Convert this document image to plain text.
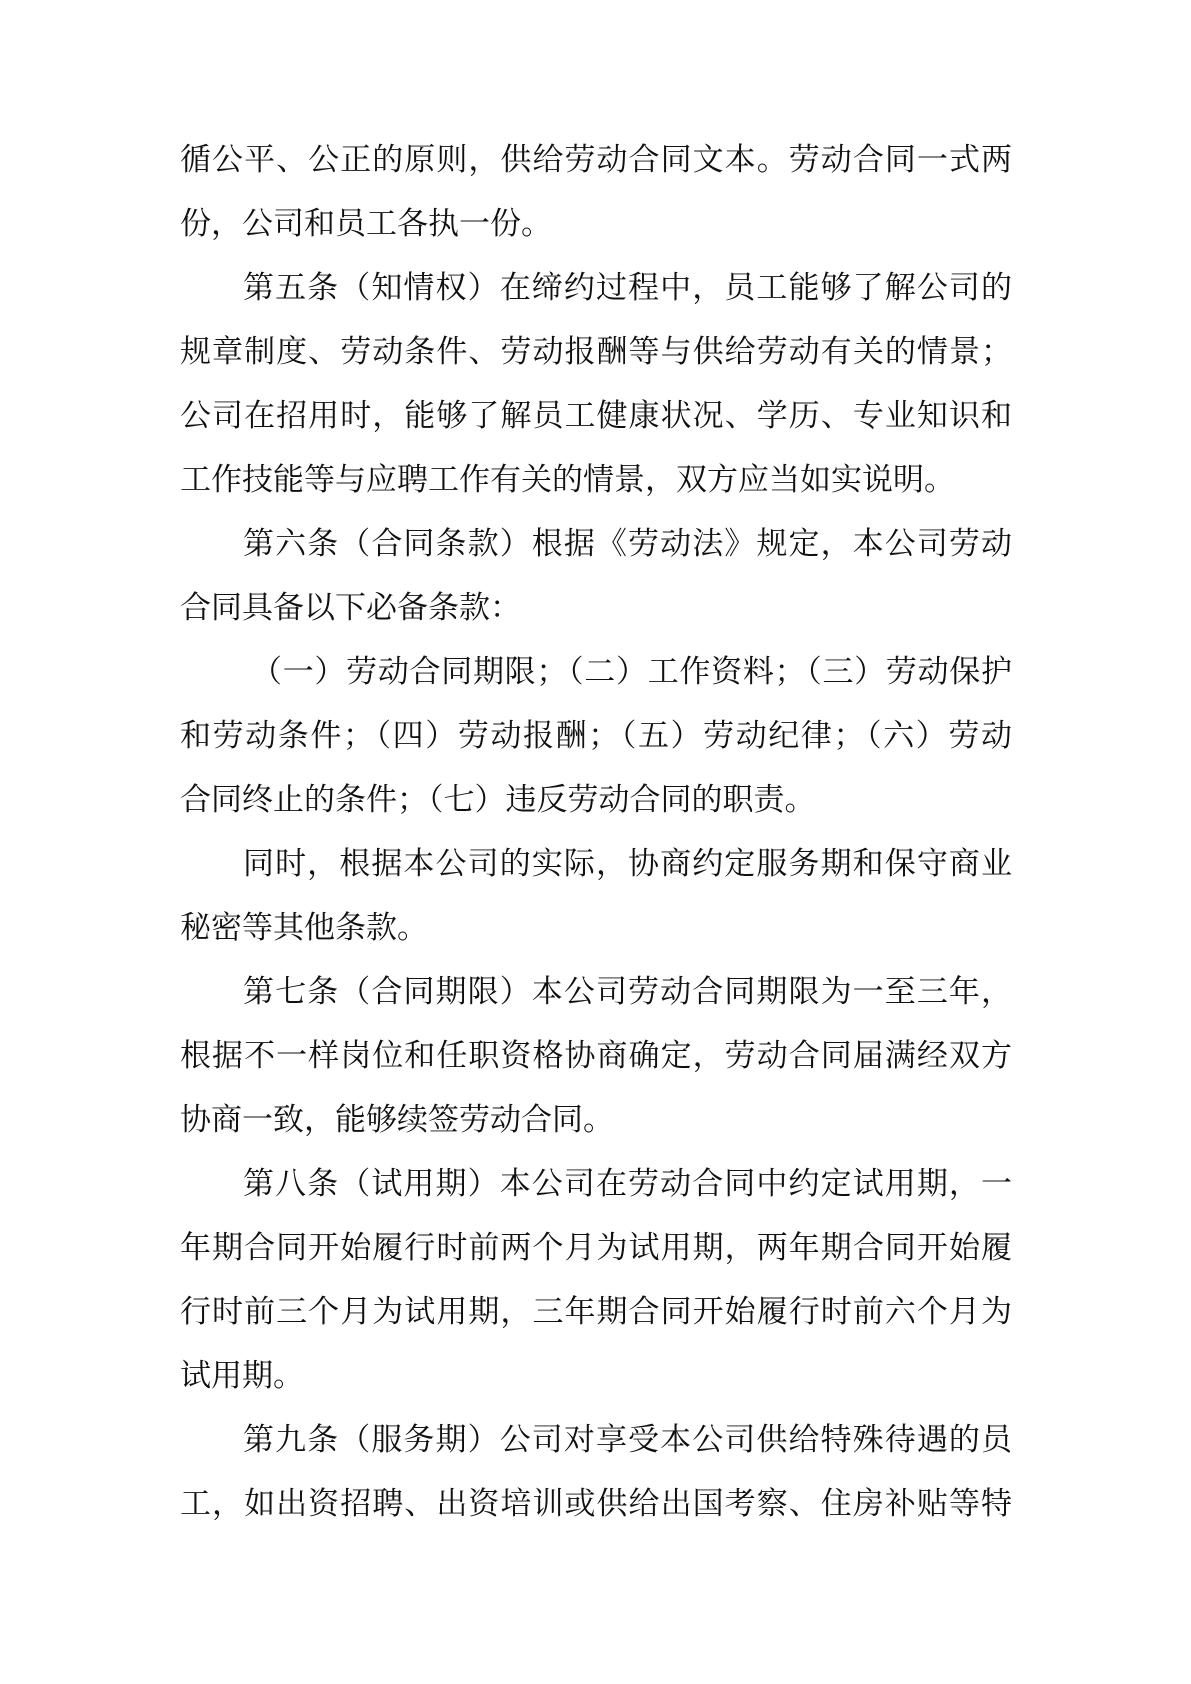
循公平、公正的原则，供给劳动合同文本。劳动合同一式两
份，公司和员工各执一份。
第五条（知情权）在缔约过程中，员工能够了解公司的
规章制度、劳动条件、劳动报酬等与供给劳动有关的情景；
公司在招用时，能够了解员工健康状况、学历、专业知识和
工作技能等与应聘工作有关的情景，双方应当如实说明。
第六条（合同条款）根据《劳动法》规定，本公司劳动
合同具备以下必备条款：
（一）劳动合同期限；（二）工作资料；（三）劳动保护
和劳动条件；（四）劳动报酬；（五）劳动纪律；（六）劳动
合同终止的条件；（七）违反劳动合同的职责。
同时，根据本公司的实际，协商约定服务期和保守商业
秘密等其他条款。
第七条（合同期限）本公司劳动合同期限为一至三年，
根据不一样岗位和任职资格协商确定，劳动合同届满经双方
协商一致，能够续签劳动合同。
第八条（试用期）本公司在劳动合同中约定试用期，一
年期合同开始履行时前两个月为试用期，两年期合同开始履
行时前三个月为试用期，三年期合同开始履行时前六个月为
试用期。
第九条（服务期）公司对享受本公司供给特殊待遇的员
工，如出资招聘、出资培训或供给出国考察、住房补贴等特
